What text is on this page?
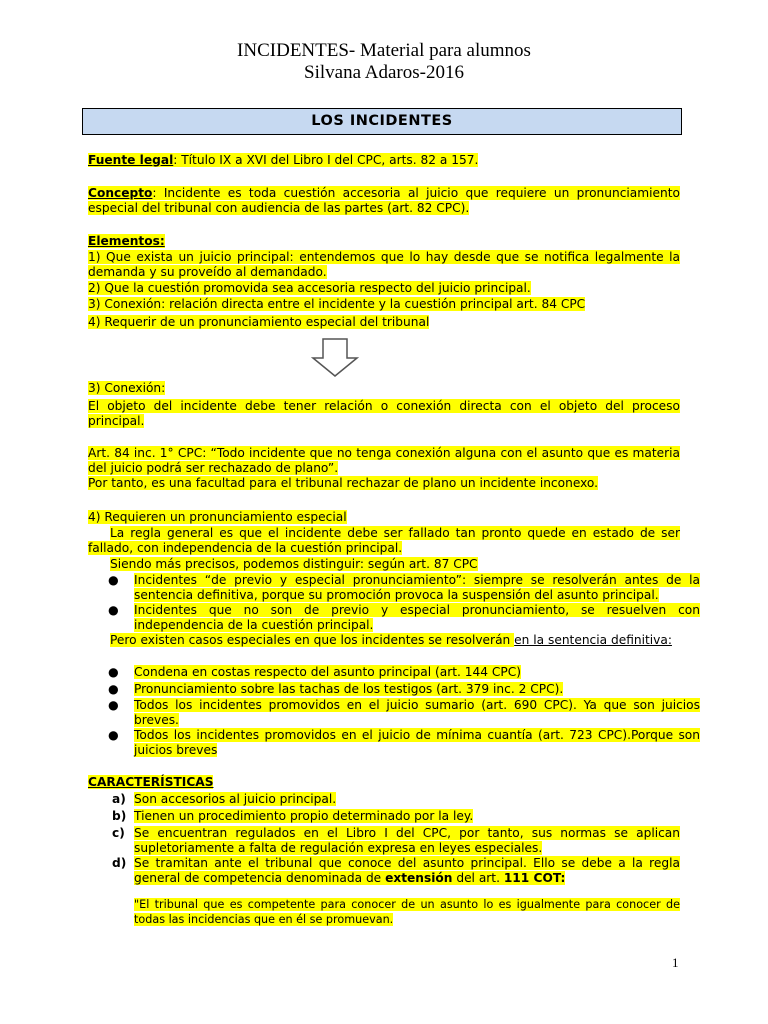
INCIDENTES- Material para alumnos
Silvana Adaros-2016
LOS INCIDENTES

Fuente legal: Título IX a XVI del Libro I del CPC, arts. 82 a 157.

Concepto: Incidente es toda cuestión accesoria al juicio que requiere un pronunciamiento especial del tribunal con audiencia de las partes (art. 82 CPC).

Elementos:

1) Que exista un juicio principal: entendemos que lo hay desde que se notifica legalmente la demanda y su proveído al demandado.

2) Que la cuestión promovida sea accesoria respecto del juicio principal.

3) Conexión: relación directa entre el incidente y la cuestión principal art. 84 CPC

4) Requerir de un pronunciamiento especial del tribunal

3) Conexión:

El objeto del incidente debe tener relación o conexión directa con el objeto del proceso principal.

Art. 84 inc. 1° CPC: “Todo incidente que no tenga conexión alguna con el asunto que es materia del juicio podrá ser rechazado de plano”.

Por tanto, es una facultad para el tribunal rechazar de plano un incidente inconexo.

4) Requieren un pronunciamiento especial

La regla general es que el incidente debe ser fallado tan pronto quede en estado de ser fallado, con independencia de la cuestión principal.

Siendo más precisos, podemos distinguir: según art. 87 CPC

●	Incidentes “de previo y especial pronunciamiento”: siempre se resolverán antes de la sentencia definitiva, porque su promoción provoca la suspensión del asunto principal.
●	Incidentes que no son de previo y especial pronunciamiento, se resuelven con independencia de la cuestión principal.

Pero existen casos especiales en que los incidentes se resolverán en la sentencia definitiva:

●	Condena en costas respecto del asunto principal (art. 144 CPC)
●	Pronunciamiento sobre las tachas de los testigos (art. 379 inc. 2 CPC).
●	Todos los incidentes promovidos en el juicio sumario (art. 690 CPC). Ya que son juicios breves.
●	Todos los incidentes promovidos en el juicio de mínima cuantía (art. 723 CPC).Porque son juicios breves

CARACTERÍSTICAS

a) Son accesorios al juicio principal.
b) Tienen un procedimiento propio determinado por la ley.
c) Se encuentran regulados en el Libro I del CPC, por tanto, sus normas se aplican supletoriamente a falta de regulación expresa en leyes especiales.
d) Se tramitan ante el tribunal que conoce del asunto principal. Ello se debe a la regla general de competencia denominada de extensión del art. 111 COT:

"El tribunal que es competente para conocer de un asunto lo es igualmente para conocer de todas las incidencias que en él se promuevan.

1
